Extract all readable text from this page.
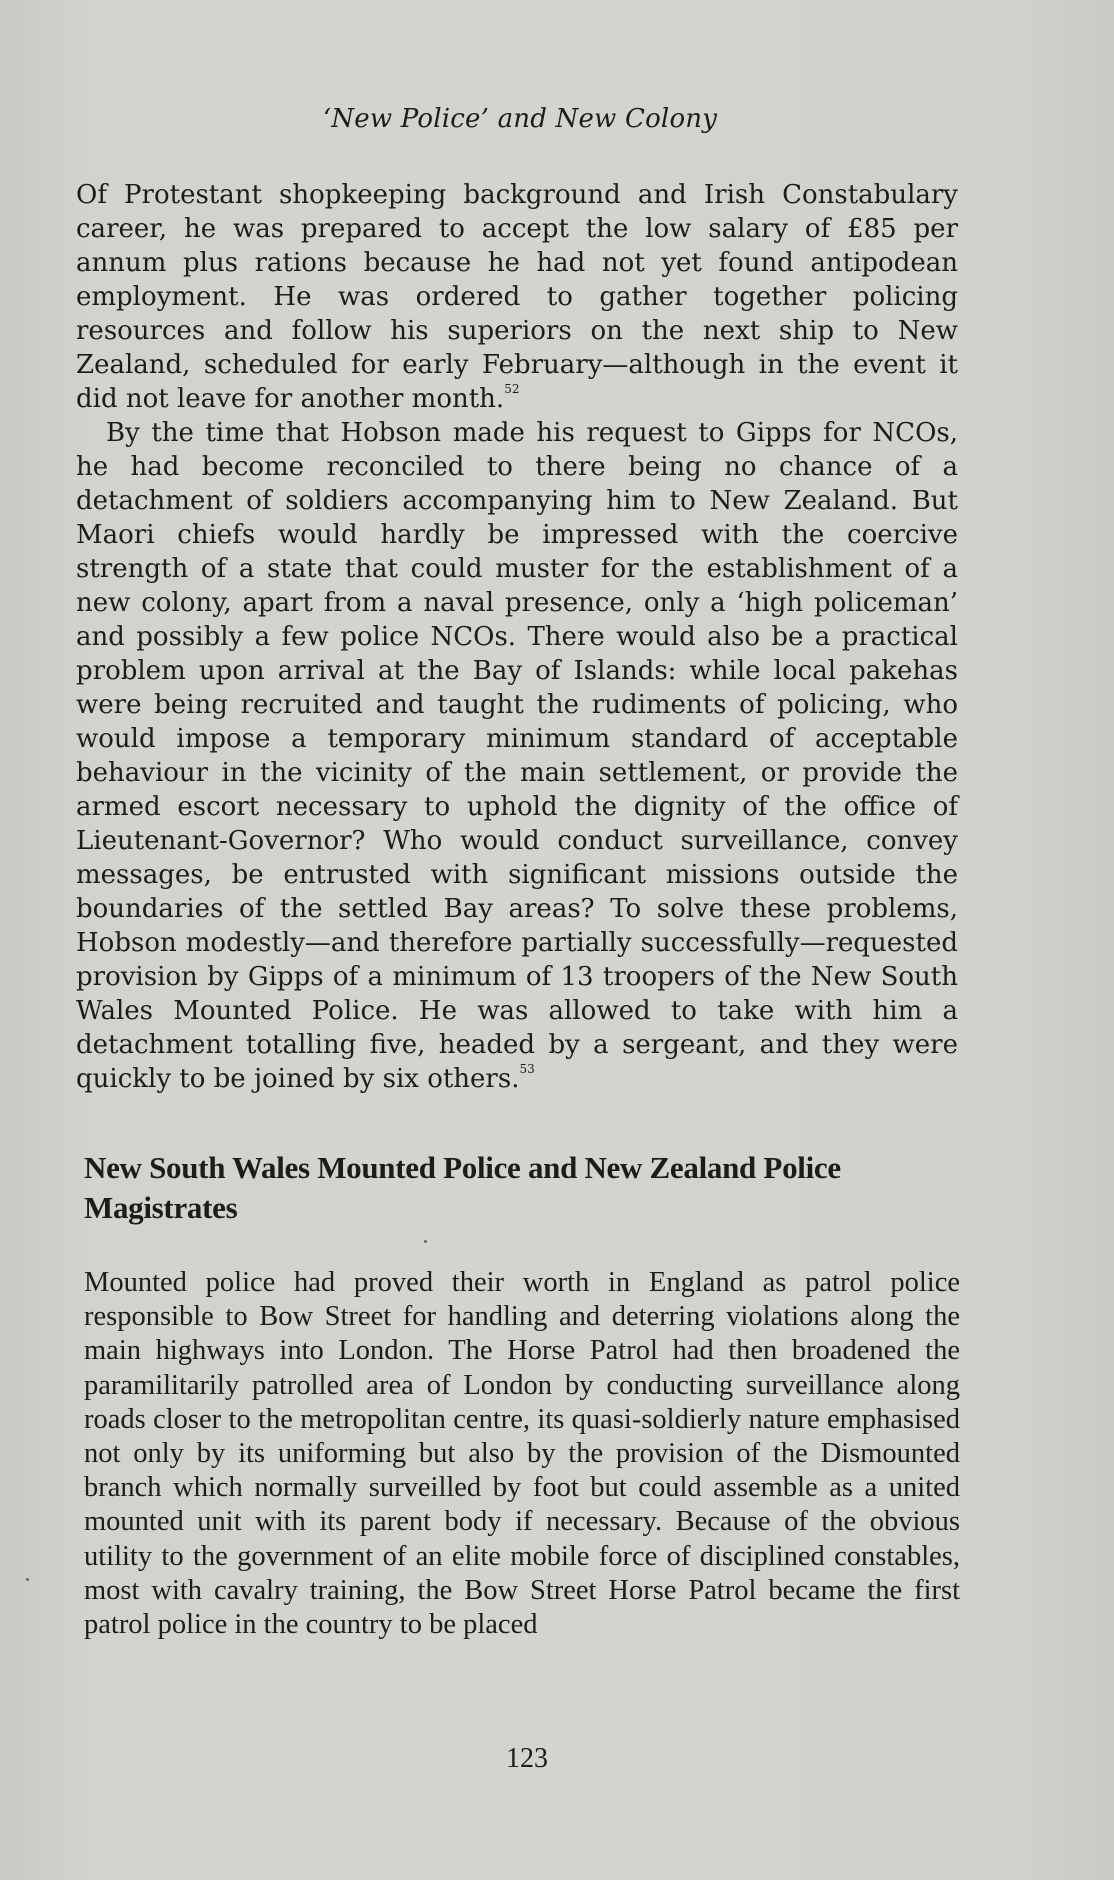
‘New Police’ and New Colony

Of Protestant shopkeeping background and Irish Constabulary career, he was prepared to accept the low salary of £85 per annum plus rations because he had not yet found antipodean employment. He was ordered to gather together policing resources and follow his superiors on the next ship to New Zealand, scheduled for early February—although in the event it did not leave for another month.$^{52}$

By the time that Hobson made his request to Gipps for NCOs, he had become reconciled to there being no chance of a detachment of soldiers accompanying him to New Zealand. But Maori chiefs would hardly be impressed with the coercive strength of a state that could muster for the establishment of a new colony, apart from a naval presence, only a ‘high policeman’ and possibly a few police NCOs. There would also be a practical problem upon arrival at the Bay of Islands: while local pakehas were being recruited and taught the rudiments of policing, who would impose a temporary minimum standard of acceptable behaviour in the vicinity of the main settlement, or provide the armed escort necessary to uphold the dignity of the office of Lieutenant-Governor? Who would conduct surveillance, convey messages, be entrusted with significant missions outside the boundaries of the settled Bay areas? To solve these problems, Hobson modestly—and therefore partially successfully—requested provision by Gipps of a minimum of 13 troopers of the New South Wales Mounted Police. He was allowed to take with him a detachment totalling five, headed by a sergeant, and they were quickly to be joined by six others.$^{53}$

New South Wales Mounted Police and New Zealand Police Magistrates

Mounted police had proved their worth in England as patrol police responsible to Bow Street for handling and deterring violations along the main highways into London. The Horse Patrol had then broadened the paramilitarily patrolled area of London by conducting surveillance along roads closer to the metropolitan centre, its quasi-soldierly nature emphasised not only by its uniforming but also by the provision of the Dismounted branch which normally surveilled by foot but could assemble as a united mounted unit with its parent body if necessary. Because of the obvious utility to the government of an elite mobile force of disciplined constables, most with cavalry training, the Bow Street Horse Patrol became the first patrol police in the country to be placed

123
